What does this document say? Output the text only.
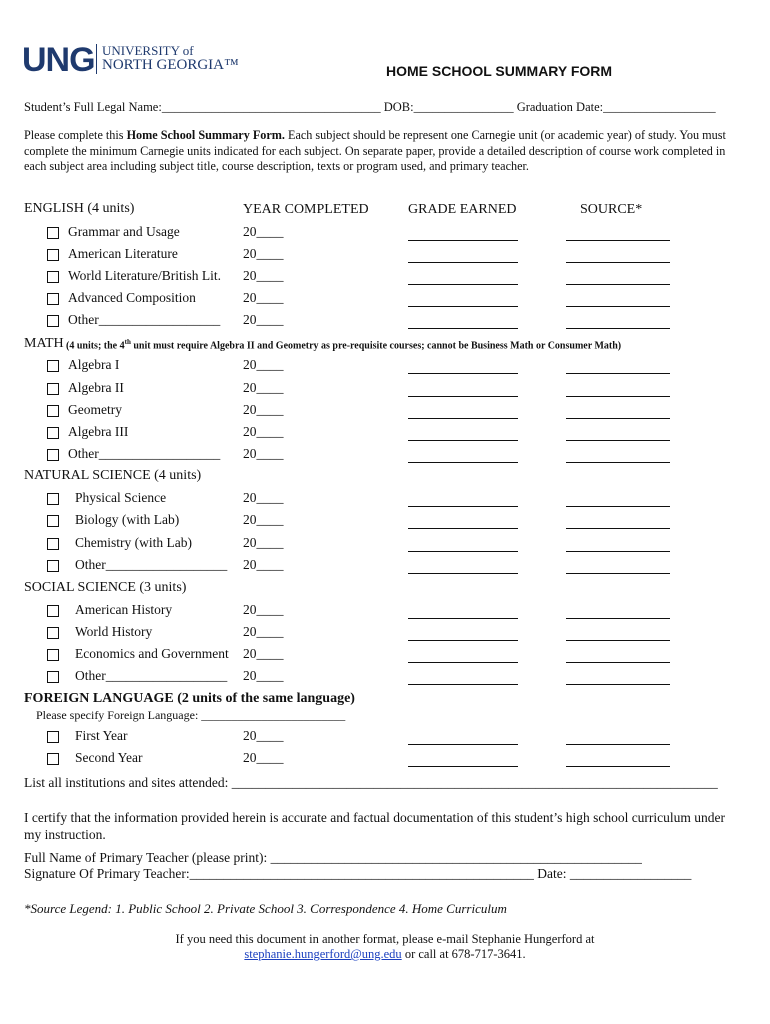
UNG UNIVERSITY of
NORTH GEORGIA™	HOME SCHOOL SUMMARY FORM
Student’s Full Legal Name:___________________________________ DOB:________________ Graduation Date:__________________
Please complete this Home School Summary Form. Each subject should be represent one Carnegie unit (or academic year) of study. You must complete the minimum Carnegie units indicated for each subject. On separate paper, provide a detailed description of course work completed in each subject area including subject title, course description, texts or program used, and primary teacher.
YEAR COMPLETED	GRADE EARNED	SOURCE*
ENGLISH (4 units)
Grammar and Usage	20____
American Literature	20____
World Literature/British Lit. 20____
Advanced Composition	20____
Other__________________ 20____
MATH (4 units; the 4th unit must require Algebra II and Geometry as pre-requisite courses; cannot be Business Math or Consumer Math)
Algebra I	20____
Algebra II	20____
Geometry	20____
Algebra III	20____
Other__________________ 20____
NATURAL SCIENCE (4 units)
Physical Science	20____
Biology (with Lab)	20____
Chemistry (with Lab)	20____
Other__________________ 20____
SOCIAL SCIENCE (3 units)
American History	20____
World History	20____
Economics and Government 20____
Other__________________ 20____
FOREIGN LANGUAGE (2 units of the same language)
Please specify Foreign Language: ________________________
First Year	20____
Second Year	20____
List all institutions and sites attended: ________________________________________________________________________
I certify that the information provided herein is accurate and factual documentation of this student’s high school curriculum under my instruction.
Full Name of Primary Teacher (please print): _______________________________________________________
Signature Of Primary Teacher:___________________________________________________ Date: __________________
*Source Legend: 1. Public School 2. Private School 3. Correspondence 4. Home Curriculum
If you need this document in another format, please e-mail Stephanie Hungerford at
stephanie.hungerford@ung.edu or call at 678-717-3641.
